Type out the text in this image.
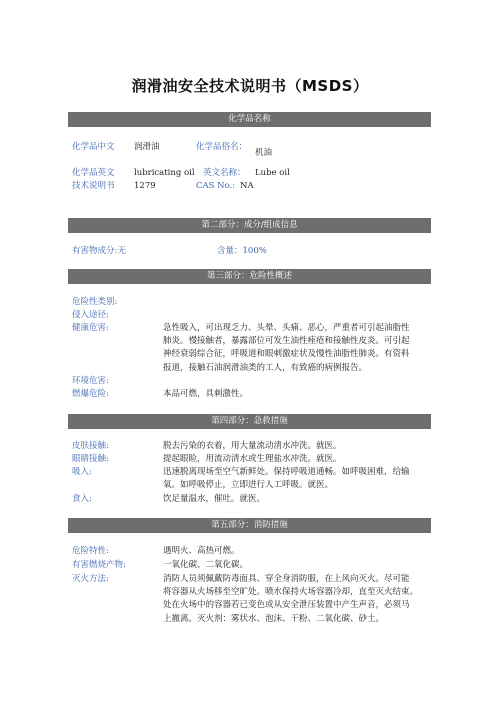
润滑油安全技术说明书（MSDS）
化学品名称
化学品中文 润滑油	化学品俗名：
机油
化学品英文 lubricating oil 英文名称： Lube oil
技术说明书 1279	CAS No.: NA
第二部分：成分/组成信息
有害物成分:无	含量：100%
第三部分：危险性概述
危险性类别:
侵入途径:
健康危害:	急性吸入，可出现乏力、头晕、头痛、恶心，严重者可引起油脂性
肺炎。慢接触者，暴露部位可发生油性痤疮和接触性皮炎。可引起
神经衰弱综合征，呼吸道和眼刺激症状及慢性油脂性肺炎。有资料
报道，接触石油润滑油类的工人，有致癌的病例报告。
环境危害:
燃爆危险:	本品可燃，具刺激性。
第四部分：急救措施
皮肤接触:	脱去污染的衣着，用大量流动清水冲洗。就医。
眼睛接触:	提起眼睑，用流动清水或生理盐水冲洗。就医。
吸入:	迅速脱离现场至空气新鲜处。保持呼吸道通畅。如呼吸困难，给输
氧。如呼吸停止，立即进行人工呼吸。就医。
食入:	饮足量温水，催吐。就医。
第五部分：消防措施
危险特性:	遇明火、高热可燃。
有害燃烧产物:	一氧化碳、二氧化碳。
灭火方法:	消防人员须佩戴防毒面具、穿全身消防服，在上风向灭火。尽可能
将容器从火场移至空旷处。喷水保持火场容器冷却，直至灭火结束。
处在火场中的容器若已变色或从安全泄压装置中产生声音，必须马
上撤离。灭火剂：雾状水、泡沫、干粉、二氧化碳、砂土。
